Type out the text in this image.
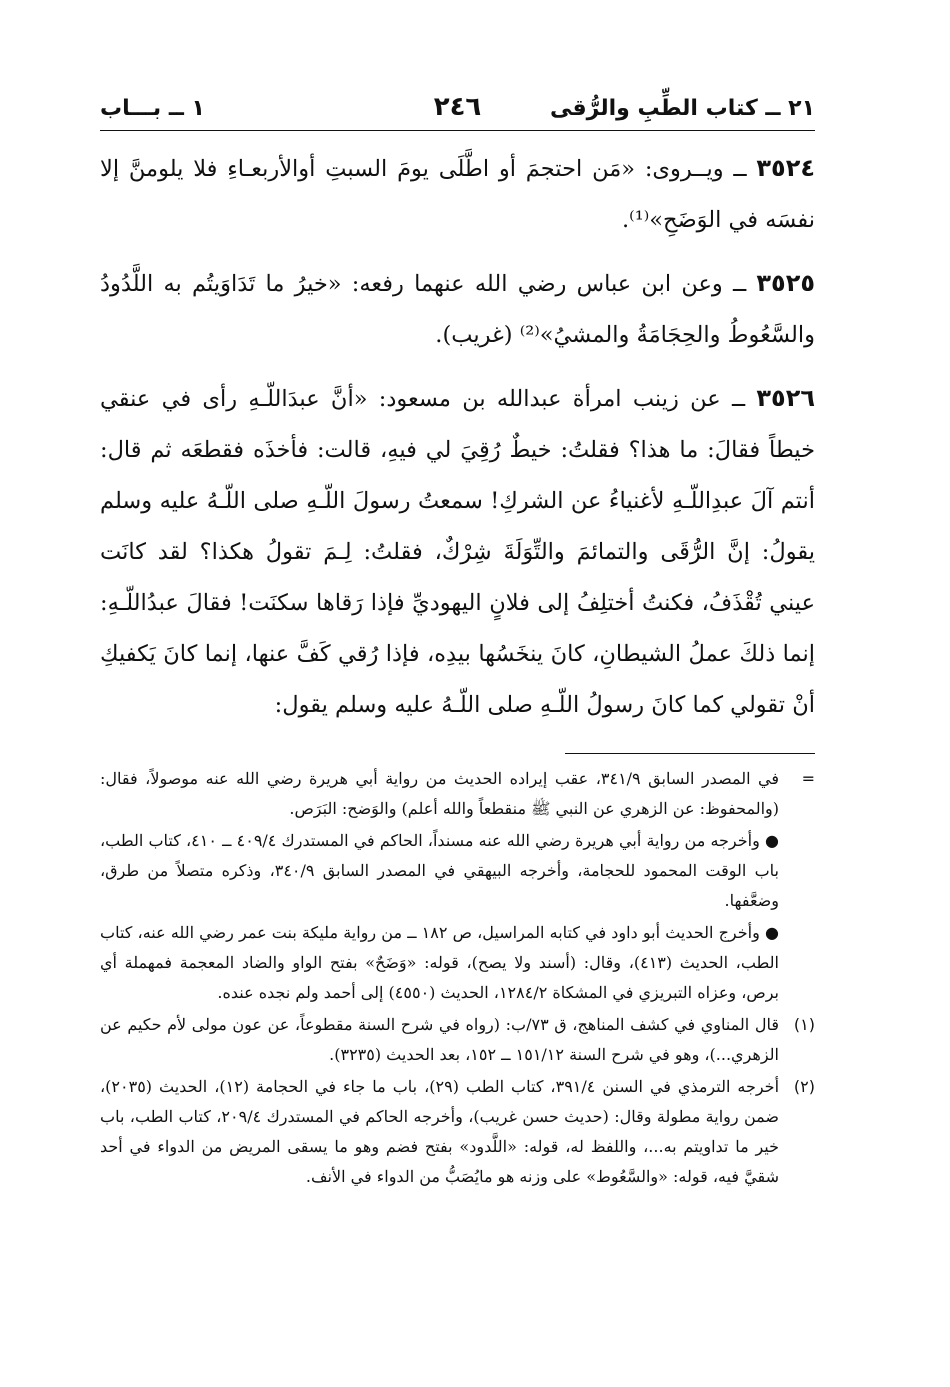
٢١ ــ كتاب الطِّبِ والرُّقى
٢٤٦
١ ــ بـــاب
٣٥٢٤ ــ ويــروى: «مَن احتجمَ أو اطَّلَى يومَ السبتِ أوالأربعـاءِ فلا يلومنَّ إلا نفسَه في الوَضَحِ»⁽¹⁾.
٣٥٢٥ ــ وعن ابن عباس رضي الله عنهما رفعه: «خيرُ ما تَدَاوَيتُم به اللَّدُودُ والسَّعُوطُ والحِجَامَةُ والمشيُ»⁽²⁾ (غريب).
٣٥٢٦ ــ عن زينب امرأة عبدالله بن مسعود: «أنَّ عبدَاللّـهِ رأى في عنقي خيطاً فقالَ: ما هذا؟ فقلتُ: خيطٌ رُقِيَ لي فيهِ، قالت: فأخذَه فقطعَه ثم قال: أنتم آلَ عبدِاللّـهِ لأغنياءُ عن الشركِ! سمعتُ رسولَ اللّـهِ صلى اللّـهُ عليه وسلم يقولُ: إنَّ الرُّقَى والتمائمَ والتِّوَلَةَ شِرْكٌ، فقلتُ: لِـمَ تقولُ هكذا؟ لقد كانَت عيني تُقْذَفُ، فكنتُ أختلِفُ إلى فلانٍ اليهوديِّ فإذا رَقاها سكنَت! فقالَ عبدُاللّـهِ: إنما ذلكَ عملُ الشيطانِ، كانَ ينخَسُها بيدِه، فإذا رُقي كَفَّ عنها، إنما كانَ يَكفيكِ أنْ تقولي كما كانَ رسولُ اللّـهِ صلى اللّـهُ عليه وسلم يقول:
=
في المصدر السابق ٣٤١/٩، عقب إيراده الحديث من رواية أبي هريرة رضي الله عنه موصولاً، فقال: (والمحفوظ: عن الزهري عن النبي ﷺ منقطعاً والله أعلم) والوَضح: البَرَص.
● وأخرجه من رواية أبي هريرة رضي الله عنه مسنداً، الحاكم في المستدرك ٤٠٩/٤ ــ ٤١٠، كتاب الطب، باب الوقت المحمود للحجامة، وأخرجه البيهقي في المصدر السابق ٣٤٠/٩، وذكره متصلاً من طرق، وضعَّفها.
● وأخرج الحديث أبو داود في كتابه المراسيل، ص ١٨٢ ــ من رواية مليكة بنت عمر رضي الله عنه، كتاب الطب، الحديث (٤١٣)، وقال: (أسند ولا يصح)، قوله: «وَضَحٌ» بفتح الواو والضاد المعجمة فمهملة أي برص، وعزاه التبريزي في المشكاة ١٢٨٤/٢، الحديث (٤٥٥٠) إلى أحمد ولم نجده عنده.
(١)
قال المناوي في كشف المناهج، ق ٧٣/ب: (رواه في شرح السنة مقطوعاً، عن عون مولى لأم حكيم عن الزهري...)، وهو في شرح السنة ١٥١/١٢ ــ ١٥٢، بعد الحديث (٣٢٣٥).
(٢)
أخرجه الترمذي في السنن ٣٩١/٤، كتاب الطب (٢٩)، باب ما جاء في الحجامة (١٢)، الحديث (٢٠٣٥)، ضمن رواية مطولة وقال: (حديث حسن غريب)، وأخرجه الحاكم في المستدرك ٢٠٩/٤، كتاب الطب، باب خير ما تداويتم به...، واللفظ له، قوله: «اللَّدود» بفتح فضم وهو ما يسقى المريض من الدواء في أحد شقيَّ فيه، قوله: «والسَّعُوط» على وزنه هو مايُصَبُّ من الدواء في الأنف.
